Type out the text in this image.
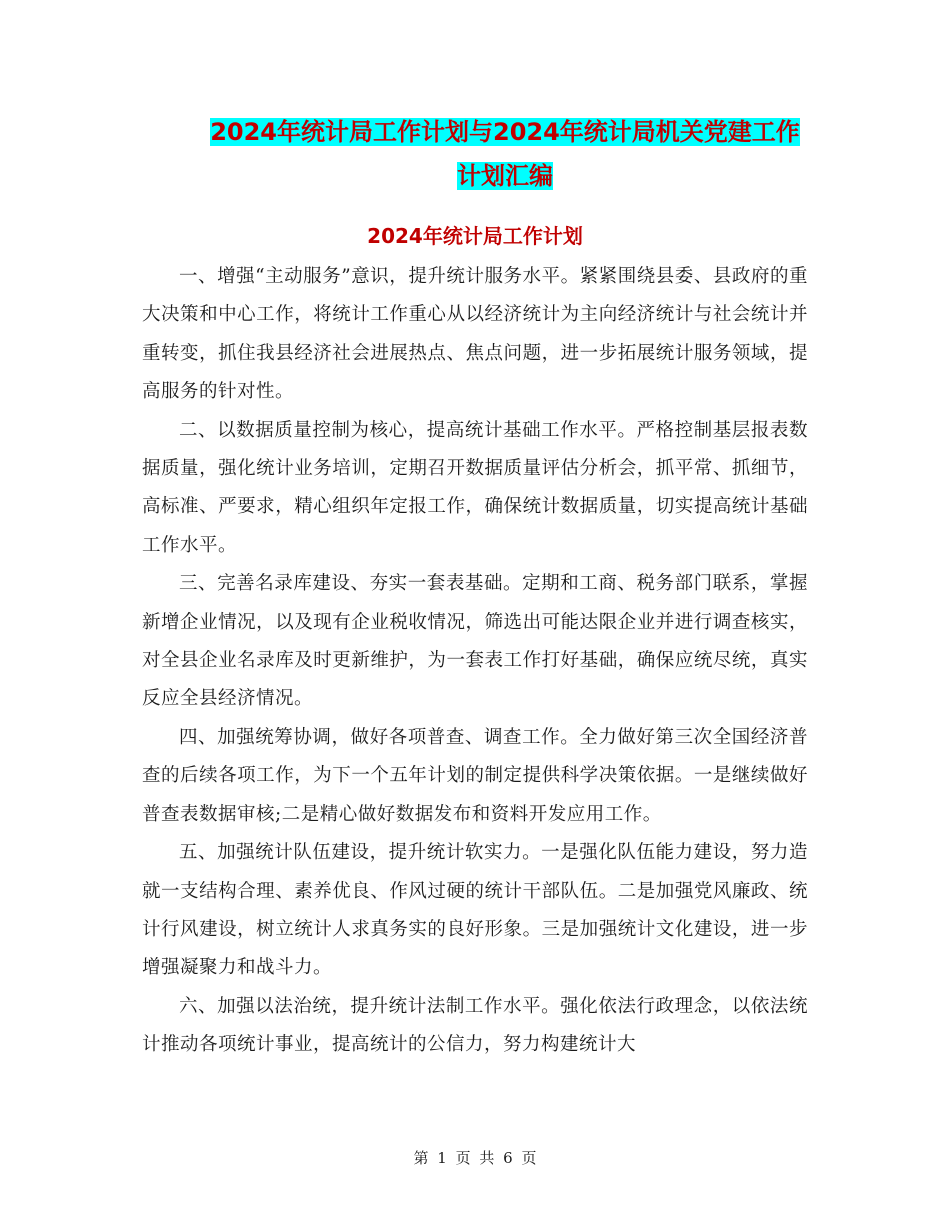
2024年统计局工作计划与2024年统计局机关党建工作
计划汇编
2024年统计局工作计划

一、增强“主动服务”意识，提升统计服务水平。紧紧围绕县委、县政府的重大决策和中心工作，将统计工作重心从以经济统计为主向经济统计与社会统计并重转变，抓住我县经济社会进展热点、焦点问题，进一步拓展统计服务领域，提高服务的针对性。

二、以数据质量控制为核心，提高统计基础工作水平。严格控制基层报表数据质量，强化统计业务培训，定期召开数据质量评估分析会，抓平常、抓细节，高标准、严要求，精心组织年定报工作，确保统计数据质量，切实提高统计基础工作水平。

三、完善名录库建设、夯实一套表基础。定期和工商、税务部门联系，掌握新增企业情况，以及现有企业税收情况，筛选出可能达限企业并进行调查核实，对全县企业名录库及时更新维护，为一套表工作打好基础，确保应统尽统，真实反应全县经济情况。

四、加强统筹协调，做好各项普查、调查工作。全力做好第三次全国经济普查的后续各项工作，为下一个五年计划的制定提供科学决策依据。一是继续做好普查表数据审核;二是精心做好数据发布和资料开发应用工作。

五、加强统计队伍建设，提升统计软实力。一是强化队伍能力建设，努力造就一支结构合理、素养优良、作风过硬的统计干部队伍。二是加强党风廉政、统计行风建设，树立统计人求真务实的良好形象。三是加强统计文化建设，进一步增强凝聚力和战斗力。

六、加强以法治统，提升统计法制工作水平。强化依法行政理念，以依法统计推动各项统计事业，提高统计的公信力，努力构建统计大

第 1 页 共 6 页
